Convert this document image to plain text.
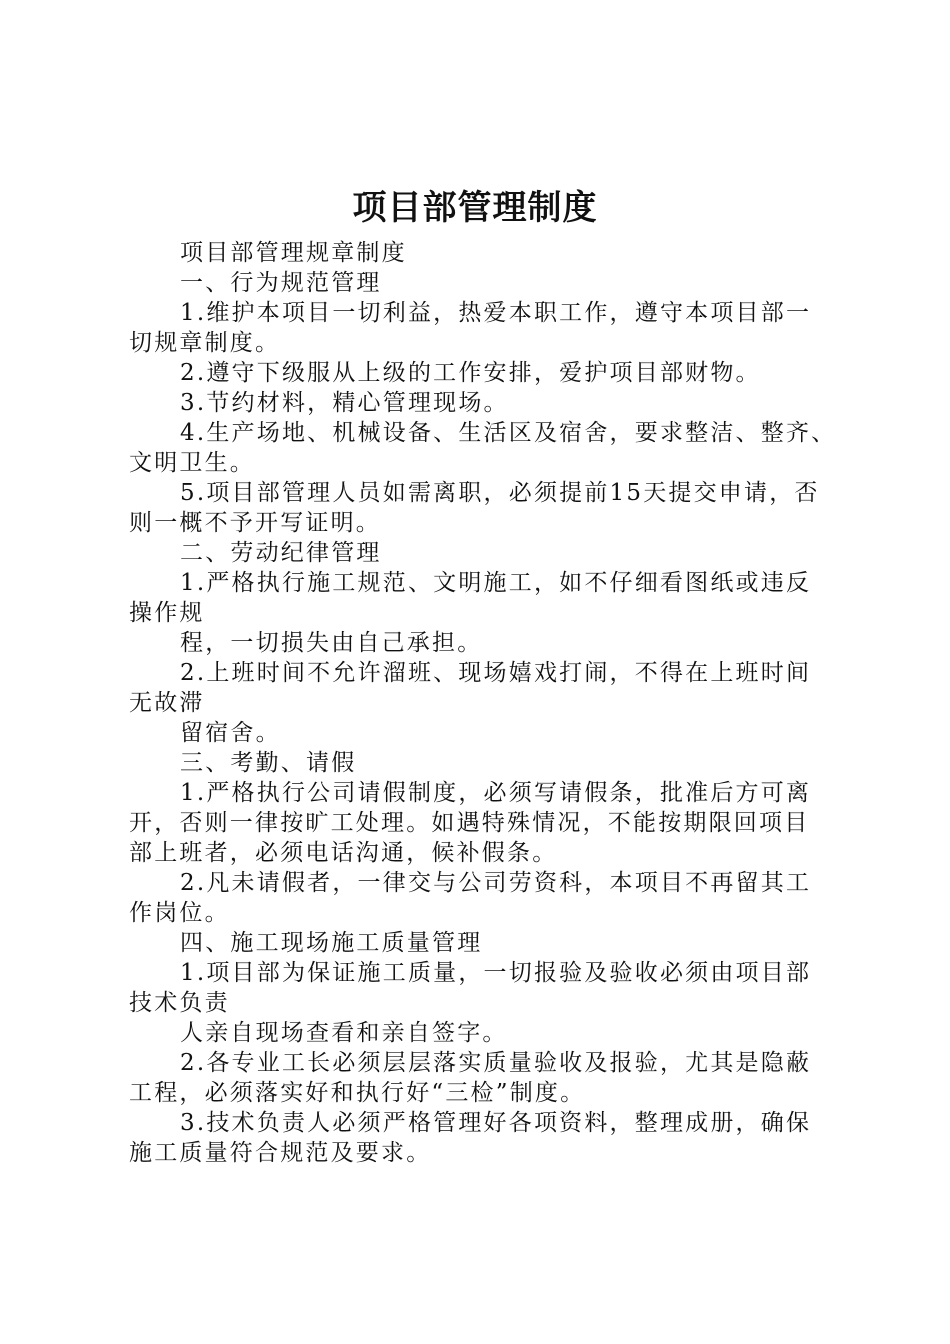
项目部管理制度
项目部管理规章制度
一、行为规范管理
1.维护本项目一切利益，热爱本职工作，遵守本项目部一
切规章制度。
2.遵守下级服从上级的工作安排，爱护项目部财物。
3.节约材料，精心管理现场。
4.生产场地、机械设备、生活区及宿舍，要求整洁、整齐、
文明卫生。
5.项目部管理人员如需离职，必须提前15天提交申请，否
则一概不予开写证明。
二、劳动纪律管理
1.严格执行施工规范、文明施工，如不仔细看图纸或违反
操作规
程，一切损失由自己承担。
2.上班时间不允许溜班、现场嬉戏打闹，不得在上班时间
无故滞
留宿舍。
三、考勤、请假
1.严格执行公司请假制度，必须写请假条，批准后方可离
开，否则一律按旷工处理。如遇特殊情况，不能按期限回项目
部上班者，必须电话沟通，候补假条。
2.凡未请假者，一律交与公司劳资科，本项目不再留其工
作岗位。
四、施工现场施工质量管理
1.项目部为保证施工质量，一切报验及验收必须由项目部
技术负责
人亲自现场查看和亲自签字。
2.各专业工长必须层层落实质量验收及报验，尤其是隐蔽
工程，必须落实好和执行好“三检”制度。
3.技术负责人必须严格管理好各项资料，整理成册，确保
施工质量符合规范及要求。
